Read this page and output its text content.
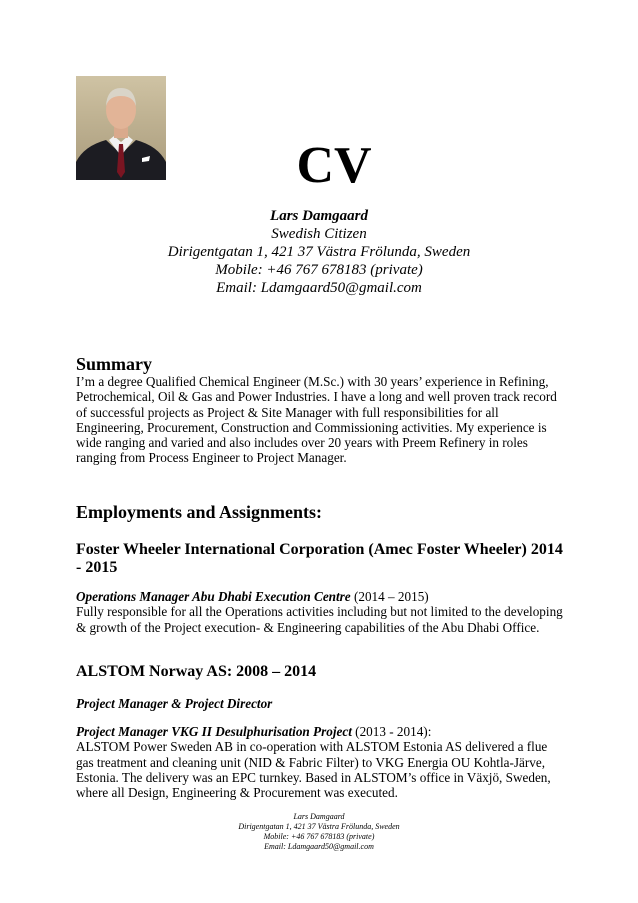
CV
Lars Damgaard
Swedish Citizen
Dirigentgatan 1, 421 37 Västra Frölunda, Sweden
Mobile: +46 767 678183 (private)
Email: Ldamgaard50@gmail.com
Summary

I’m a degree Qualified Chemical Engineer (M.Sc.) with 30 years’ experience in Refining, Petrochemical, Oil & Gas and Power Industries. I have a long and well proven track record of successful projects as Project & Site Manager with full responsibilities for all Engineering, Procurement, Construction and Commissioning activities. My experience is wide ranging and varied and also includes over 20 years with Preem Refinery in roles ranging from Process Engineer to Project Manager.

Employments and Assignments:
Foster Wheeler International Corporation (Amec Foster Wheeler) 2014 - 2015

Operations Manager Abu Dhabi Execution Centre (2014 – 2015)

Fully responsible for all the Operations activities including but not limited to the developing & growth of the Project execution- & Engineering capabilities of the Abu Dhabi Office.

ALSTOM Norway AS: 2008 – 2014

Project Manager & Project Director

Project Manager VKG II Desulphurisation Project (2013 - 2014):

ALSTOM Power Sweden AB in co-operation with ALSTOM Estonia AS delivered a flue gas treatment and cleaning unit (NID & Fabric Filter) to VKG Energia OU Kohtla-Järve, Estonia. The delivery was an EPC turnkey. Based in ALSTOM’s office in Växjö, Sweden, where all Design, Engineering & Procurement was executed.

Lars Damgaard
Dirigentgatan 1, 421 37 Västra Frölunda, Sweden
Mobile: +46 767 678183 (private)
Email: Ldamgaard50@gmail.com
